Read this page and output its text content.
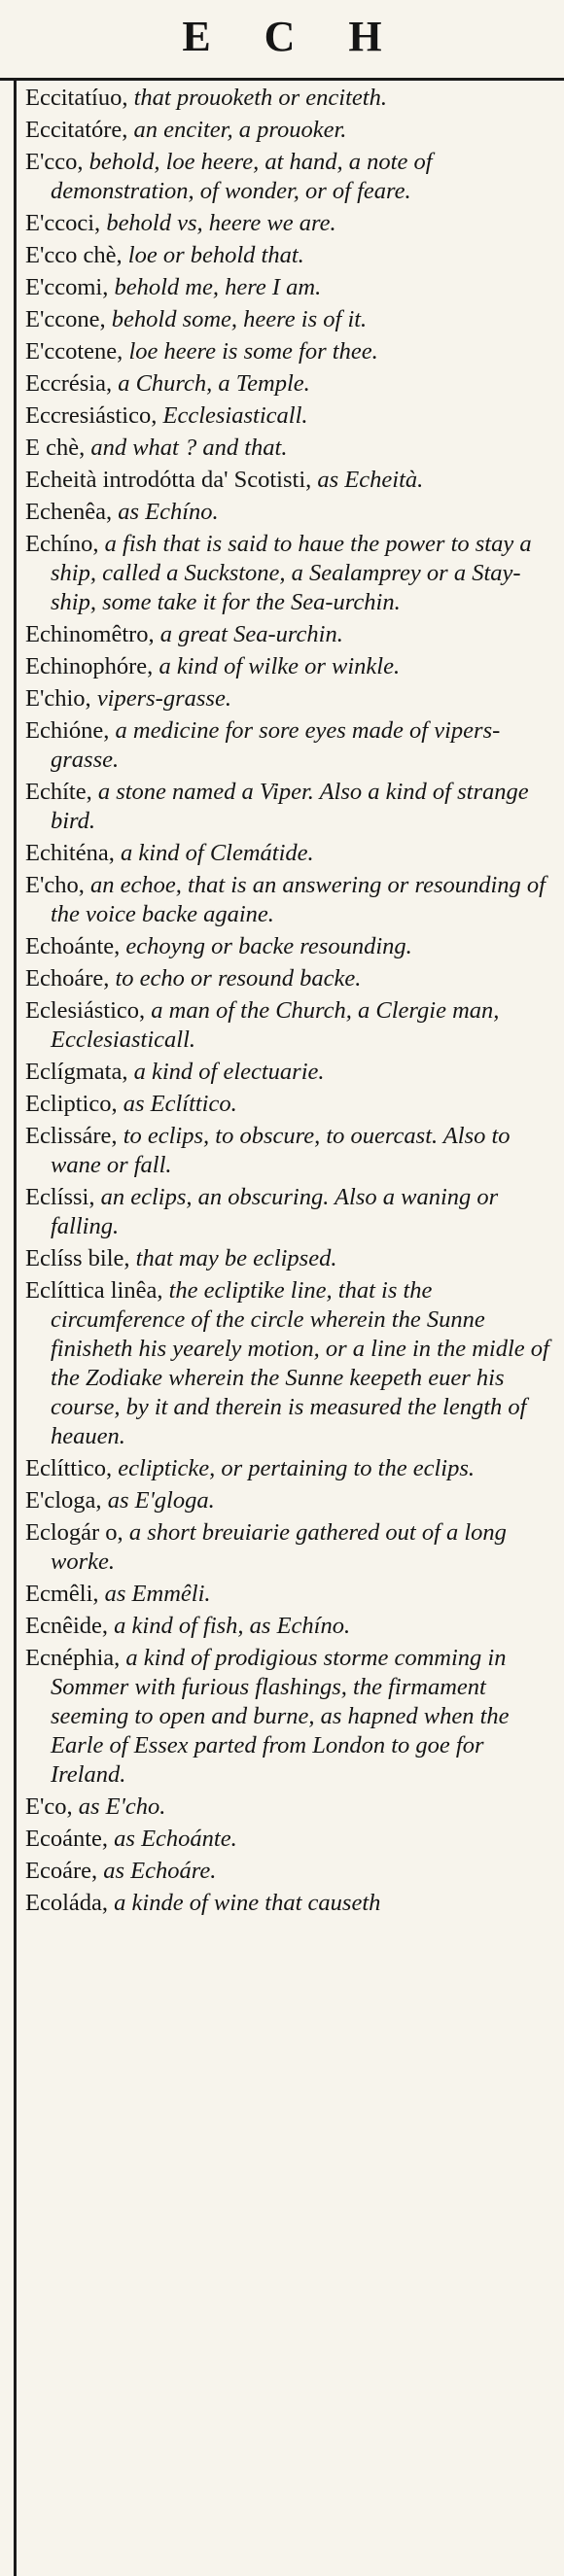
E C H
Eccitatíuo, that prouoketh or enciteth.
Eccitatóre, an enciter, a prouoker.
E'cco, behold, loe heere, at hand, a note of demonstration, of wonder, or of feare.
E'ccoci, behold vs, heere we are.
E'cco chè, loe or behold that.
E'ccomi, behold me, here I am.
E'ccone, behold some, heere is of it.
E'ccotene, loe heere is some for thee.
Eccrésia, a Church, a Temple.
Eccresiástico, Ecclesiasticall.
E chè, and what ? and that.
Echeità introdótta da' Scotisti, as Echeità.
Echenêa, as Echíno.
Echíno, a fish that is said to haue the power to stay a ship, called a Suckstone, a Sealamprey or a Stay-ship, some take it for the Sea-urchin.
Echinomêtro, a great Sea-urchin.
Echinophóre, a kind of wilke or winkle.
E'chio, vipers-grasse.
Echióne, a medicine for sore eyes made of vipers-grasse.
Echíte, a stone named a Viper. Also a kind of strange bird.
Echiténa, a kind of Clemátide.
E'cho, an echoe, that is an answering or resounding of the voice backe againe.
Echoánte, echoyng or backe resounding.
Echoáre, to echo or resound backe.
Eclesiástico, a man of the Church, a Clergie man, Ecclesiasticall.
Eclígmata, a kind of electuarie.
Ecliptico, as Eclíttico.
Eclissáre, to eclips, to obscure, to ouercast. Also to wane or fall.
Eclíssi, an eclips, an obscuring. Also a waning or falling.
Eclíss bile, that may be eclipsed.
Eclíttica linêa, the ecliptike line, that is the circumference of the circle wherein the Sunne finisheth his yearely motion, or a line in the midle of the Zodiake wherein the Sunne keepeth euer his course, by it and therein is measured the length of heauen.
Eclíttico, eclipticke, or pertaining to the eclips.
E'cloga, as E'gloga.
Eclogár o, a short breuiarie gathered out of a long worke.
Ecmêli, as Emmêli.
Ecnêide, a kind of fish, as Echíno.
Ecnéphia, a kind of prodigious storme comming in Sommer with furious flashings, the firmament seeming to open and burne, as hapned when the Earle of Essex parted from London to goe for Ireland.
E'co, as E'cho.
Ecoánte, as Echoánte.
Ecoáre, as Echoáre.
Ecoláda, a kinde of wine that causeth
